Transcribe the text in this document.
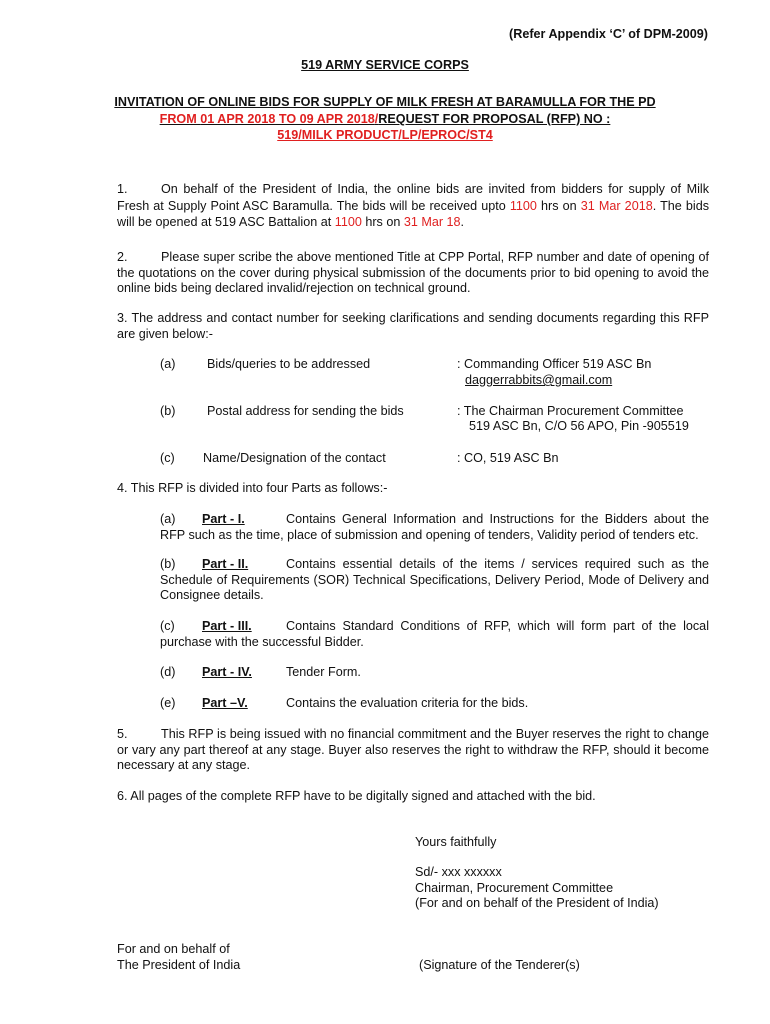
(Refer Appendix ‘C’ of DPM-2009)
519 ARMY SERVICE CORPS
INVITATION OF ONLINE BIDS FOR SUPPLY OF MILK FRESH AT BARAMULLA FOR THE PD
FROM 01 APR 2018 TO 09 APR 2018/REQUEST FOR PROPOSAL (RFP) NO :
519/MILK PRODUCT/LP/EPROC/ST4
1.	On behalf of the President of India, the online bids are invited from bidders for supply of Milk Fresh at Supply Point ASC Baramulla. The bids will be received upto 1100 hrs on 31 Mar 2018. The bids will be opened at 519 ASC Battalion at 1100 hrs on 31 Mar 18.
2.	Please super scribe the above mentioned Title at CPP Portal, RFP number and date of opening of the quotations on the cover during physical submission of the documents prior to bid opening to avoid the online bids being declared invalid/rejection on technical ground.
3. The address and contact number for seeking clarifications and sending documents regarding this RFP are given below:-
(a)	Bids/queries to be addressed	: Commanding Officer 519 ASC Bn
daggerrabbits@gmail.com
(b)	Postal address for sending the bids	: The Chairman Procurement Committee
519 ASC Bn, C/O 56 APO, Pin -905519
(c) Name/Designation of the contact	: CO, 519 ASC Bn
4. This RFP is divided into four Parts as follows:-
(a) Part - I.	Contains General Information and Instructions for the Bidders about the RFP such as the time, place of submission and opening of tenders, Validity period of tenders etc.
(b) Part - II.	Contains essential details of the items / services required such as the Schedule of Requirements (SOR) Technical Specifications, Delivery Period, Mode of Delivery and Consignee details.
(c) Part - III.	Contains Standard Conditions of RFP, which will form part of the local purchase with the successful Bidder.
(d) Part - IV.	Tender Form.
(e) Part –V.	Contains the evaluation criteria for the bids.
5.	This RFP is being issued with no financial commitment and the Buyer reserves the right to change or vary any part thereof at any stage. Buyer also reserves the right to withdraw the RFP, should it become necessary at any stage.
6. All pages of the complete RFP have to be digitally signed and attached with the bid.
Yours faithfully
Sd/- xxx xxxxxx
Chairman, Procurement Committee
(For and on behalf of the President of India)
For and on behalf of
The President of India	(Signature of the Tenderer(s)
